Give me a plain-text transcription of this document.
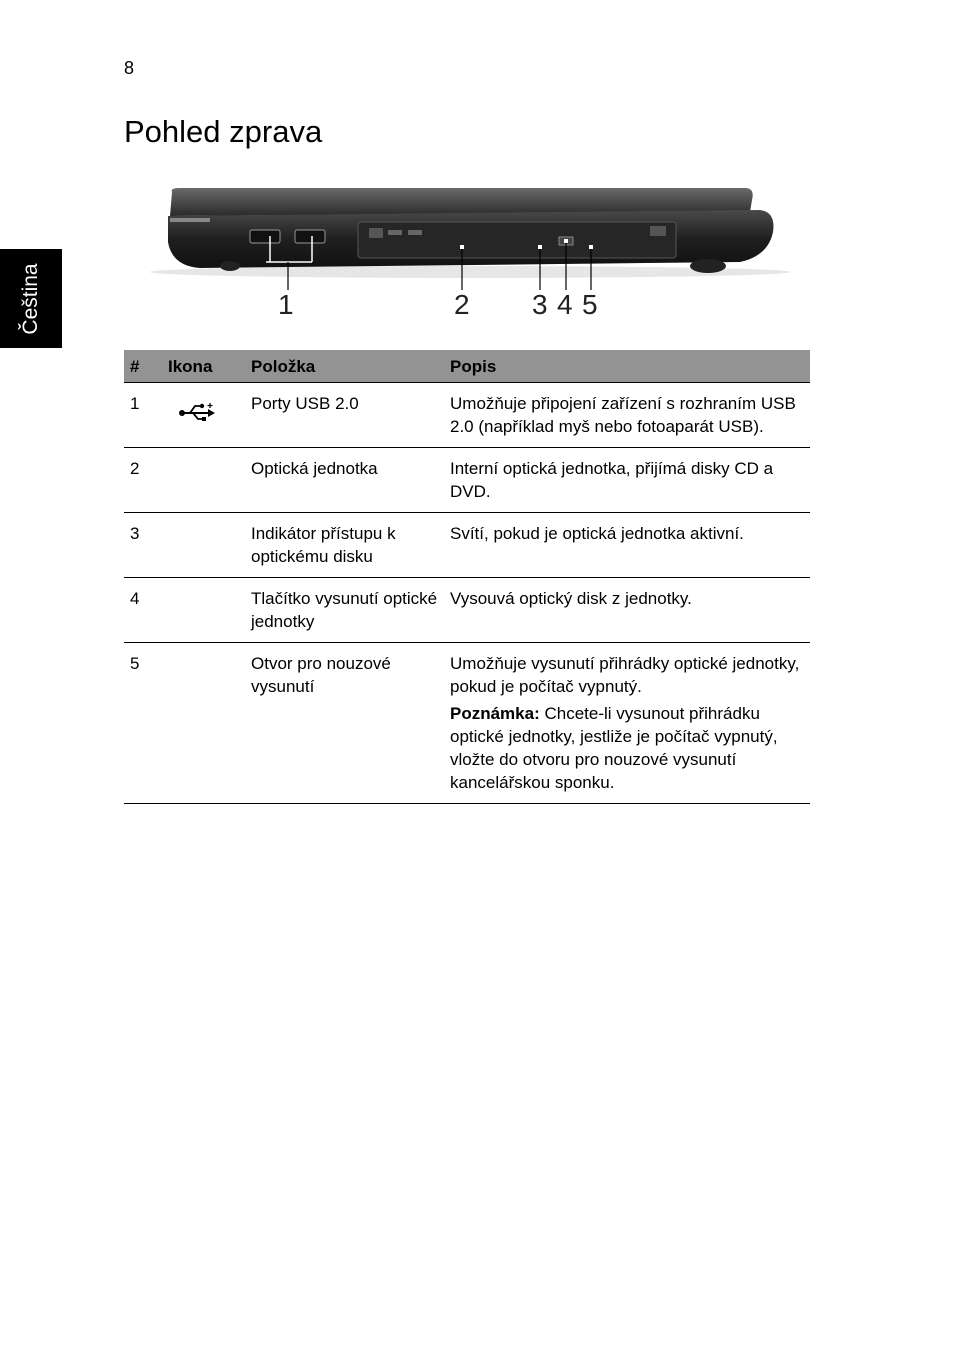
8
Čeština
Pohled zprava
1	2 3 4 5
#	Ikona	Položka	Popis
1		Porty USB 2.0	Umožňuje připojení zařízení s rozhraním USB 2.0 (například myš nebo fotoaparát USB).
2		Optická jednotka	Interní optická jednotka, přijímá disky CD a DVD.
3		Indikátor přístupu k optickému disku	Svítí, pokud je optická jednotka aktivní.
4		Tlačítko vysunutí optické jednotky	Vysouvá optický disk z jednotky.
5		Otvor pro nouzové vysunutí	Umožňuje vysunutí přihrádky optické jednotky, pokud je počítač vypnutý.
Poznámka: Chcete-li vysunout přihrádku optické jednotky, jestliže je počítač vypnutý, vložte do otvoru pro nouzové vysunutí kancelářskou sponku.
